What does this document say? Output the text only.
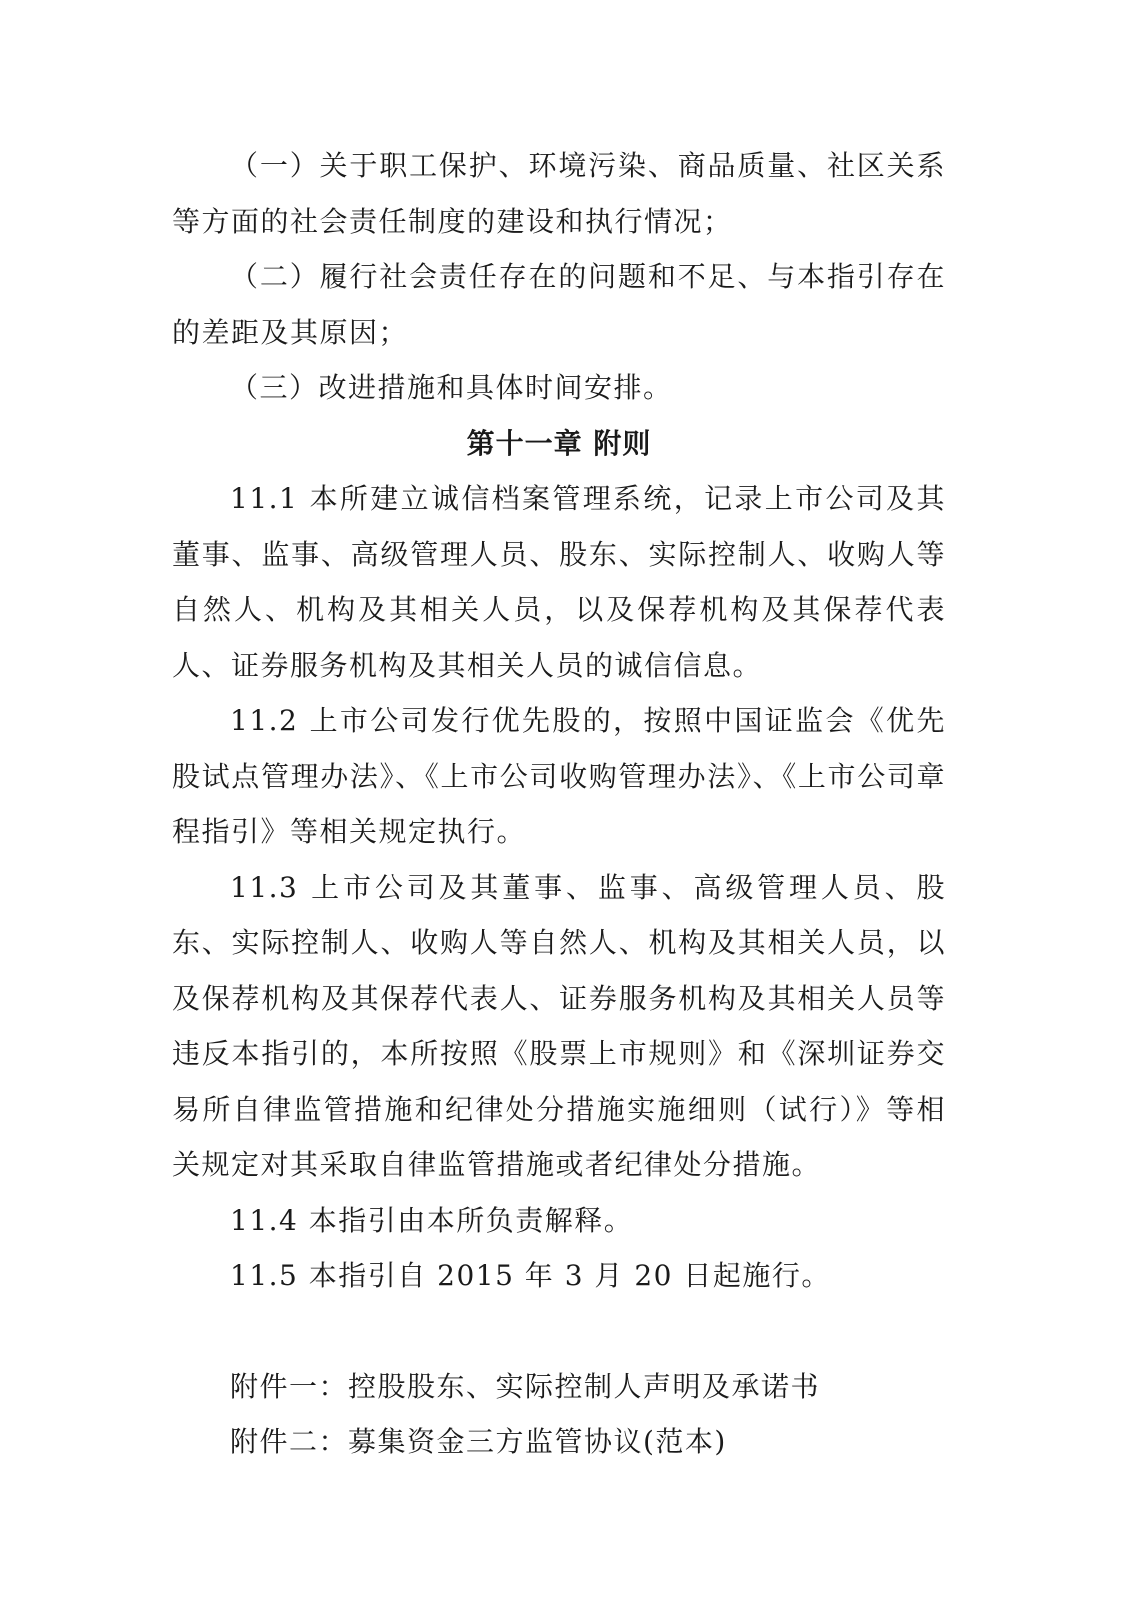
（一）关于职工保护、环境污染、商品质量、社区关系等方面的社会责任制度的建设和执行情况；

（二）履行社会责任存在的问题和不足、与本指引存在的差距及其原因；

（三）改进措施和具体时间安排。

第十一章 附则

11.1 本所建立诚信档案管理系统，记录上市公司及其董事、监事、高级管理人员、股东、实际控制人、收购人等自然人、机构及其相关人员，以及保荐机构及其保荐代表人、证券服务机构及其相关人员的诚信信息。

11.2 上市公司发行优先股的，按照中国证监会《优先股试点管理办法》、《上市公司收购管理办法》、《上市公司章程指引》等相关规定执行。

11.3 上市公司及其董事、监事、高级管理人员、股东、实际控制人、收购人等自然人、机构及其相关人员，以及保荐机构及其保荐代表人、证券服务机构及其相关人员等违反本指引的，本所按照《股票上市规则》和《深圳证券交易所自律监管措施和纪律处分措施实施细则（试行）》等相关规定对其采取自律监管措施或者纪律处分措施。

11.4 本指引由本所负责解释。

11.5 本指引自 2015 年 3 月 20 日起施行。

附件一：控股股东、实际控制人声明及承诺书

附件二：募集资金三方监管协议(范本)
